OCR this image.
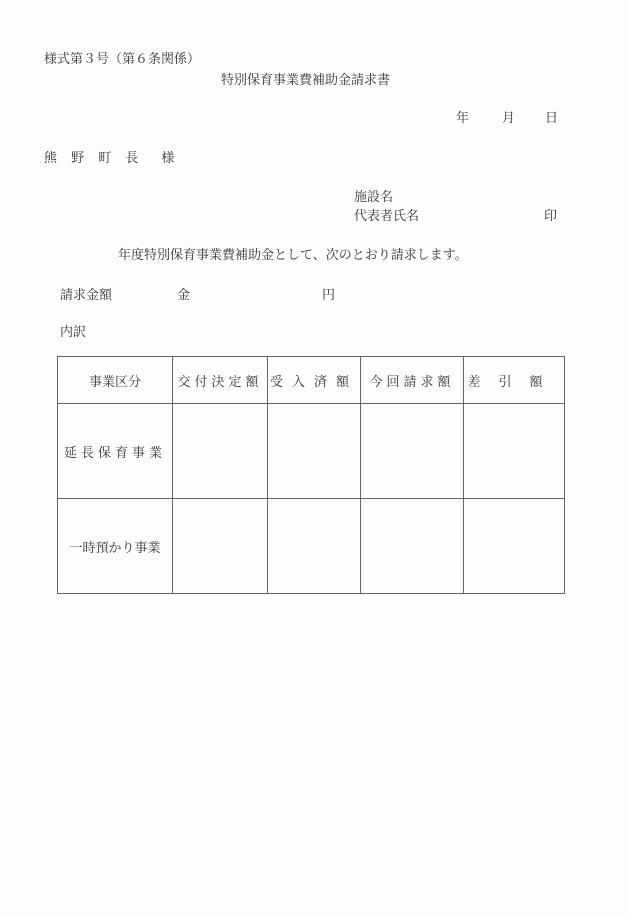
様式第３号（第６条関係）
特別保育事業費補助金請求書
年	月 日
熊 野 町 長　様
施設名
代表者氏名	印
年度特別保育事業費補助金として、次のとおり請求します。
請求金額	金	円
内訳
事業区分	交付決定額	受入済額	今回請求額	差引額
延長保育事業				
一時預かり事業				
